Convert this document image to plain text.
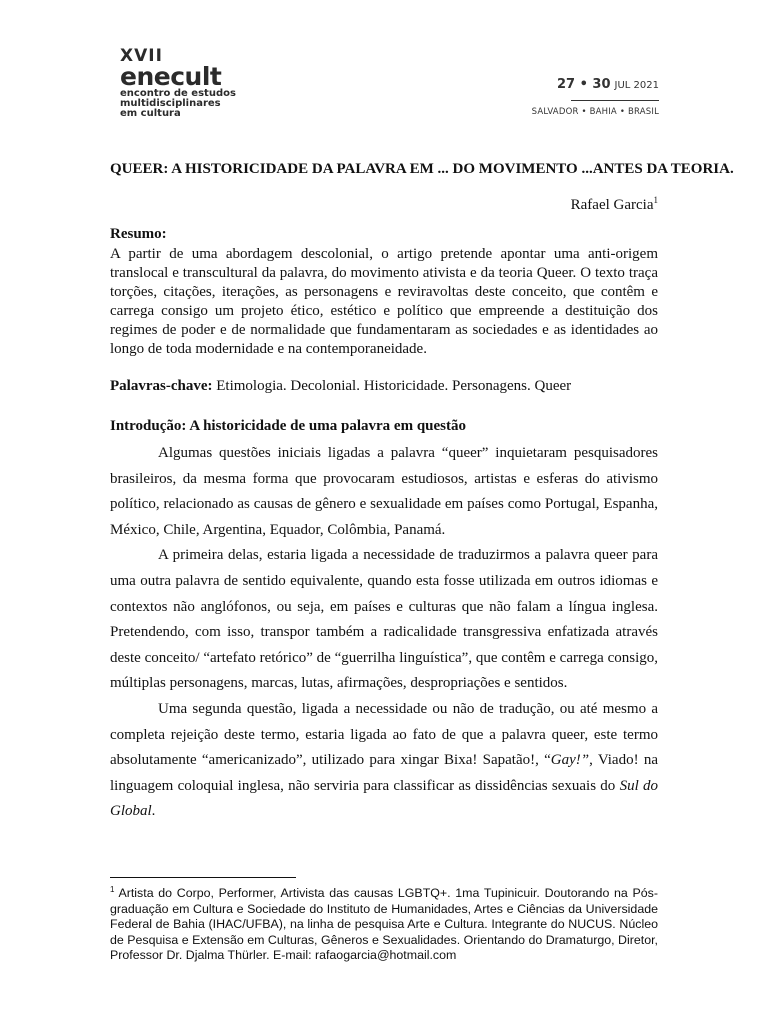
XVII
enecult
encontro de estudos
multidisciplinares
em cultura
27 • 30 JUL 2021
SALVADOR • BAHIA • BRASIL
QUEER: A HISTORICIDADE DA PALAVRA EM ... DO MOVIMENTO ...ANTES DA TEORIA.
Rafael Garcia$^1$
Resumo:

A partir de uma abordagem descolonial, o artigo pretende apontar uma anti-origem translocal e transcultural da palavra, do movimento ativista e da teoria Queer. O texto traça torções, citações, iterações, as personagens e reviravoltas deste conceito, que contêm e carrega consigo um projeto ético, estético e político que empreende a destituição dos regimes de poder e de normalidade que fundamentaram as sociedades e as identidades ao longo de toda modernidade e na contemporaneidade.

Palavras-chave: Etimologia. Decolonial. Historicidade. Personagens. Queer

Introdução: A historicidade de uma palavra em questão

Algumas questões iniciais ligadas a palavra “queer” inquietaram pesquisadores brasileiros, da mesma forma que provocaram estudiosos, artistas e esferas do ativismo político, relacionado as causas de gênero e sexualidade em países como Portugal, Espanha, México, Chile, Argentina, Equador, Colômbia, Panamá.

A primeira delas, estaria ligada a necessidade de traduzirmos a palavra queer para uma outra palavra de sentido equivalente, quando esta fosse utilizada em outros idiomas e contextos não anglófonos, ou seja, em países e culturas que não falam a língua inglesa. Pretendendo, com isso, transpor também a radicalidade transgressiva enfatizada através deste conceito/ “artefato retórico” de “guerrilha linguística”, que contêm e carrega consigo, múltiplas personagens, marcas, lutas, afirmações, despropriações e sentidos.

Uma segunda questão, ligada a necessidade ou não de tradução, ou até mesmo a completa rejeição deste termo, estaria ligada ao fato de que a palavra queer, este termo absolutamente “americanizado”, utilizado para xingar Bixa! Sapatão!, “Gay!”, Viado! na linguagem coloquial inglesa, não serviria para classificar as dissidências sexuais do Sul do Global.

$^1$ Artista do Corpo, Performer, Artivista das causas LGBTQ+. 1ma Tupinicuir. Doutorando na Pós-graduação em Cultura e Sociedade do Instituto de Humanidades, Artes e Ciências da Universidade Federal de Bahia (IHAC/UFBA), na linha de pesquisa Arte e Cultura. Integrante do NUCUS. Núcleo de Pesquisa e Extensão em Culturas, Gêneros e Sexualidades. Orientando do Dramaturgo, Diretor, Professor Dr. Djalma Thürler. E-mail: rafaogarcia@hotmail.com
